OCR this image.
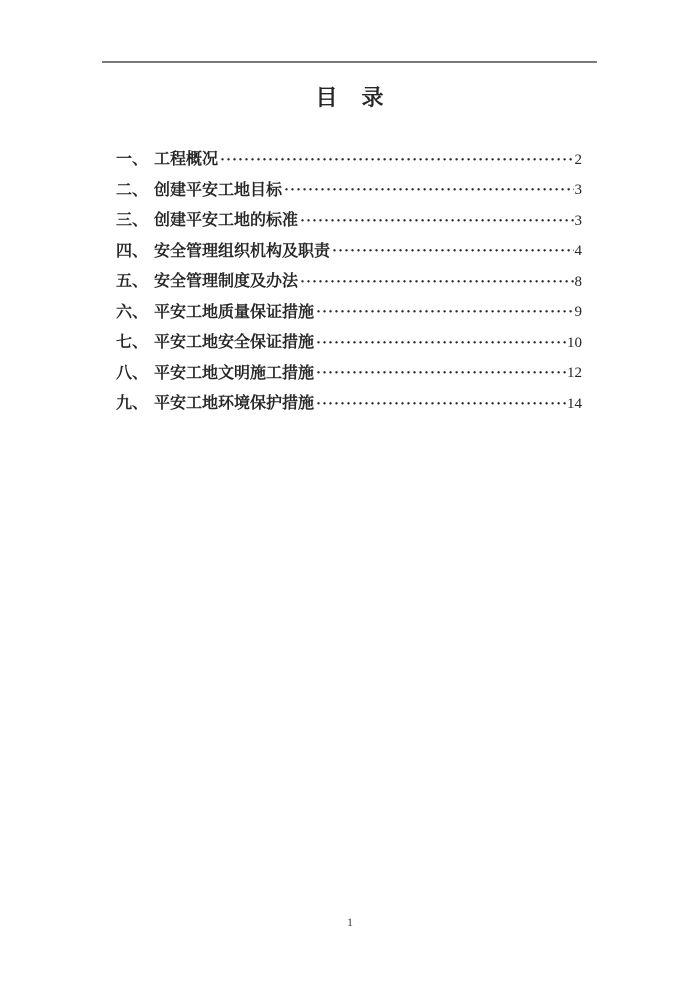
目　录
一、 工程概况 ·····	2
二、 创建平安工地目标 ·····	3
三、 创建平安工地的标准 ·····	3
四、 安全管理组织机构及职责 ·····	4
五、 安全管理制度及办法 ·····	8
六、 平安工地质量保证措施 ·····	9
七、 平安工地安全保证措施 ·····	10
八、 平安工地文明施工措施 ·····	12
九、 平安工地环境保护措施 ·····	14
1
